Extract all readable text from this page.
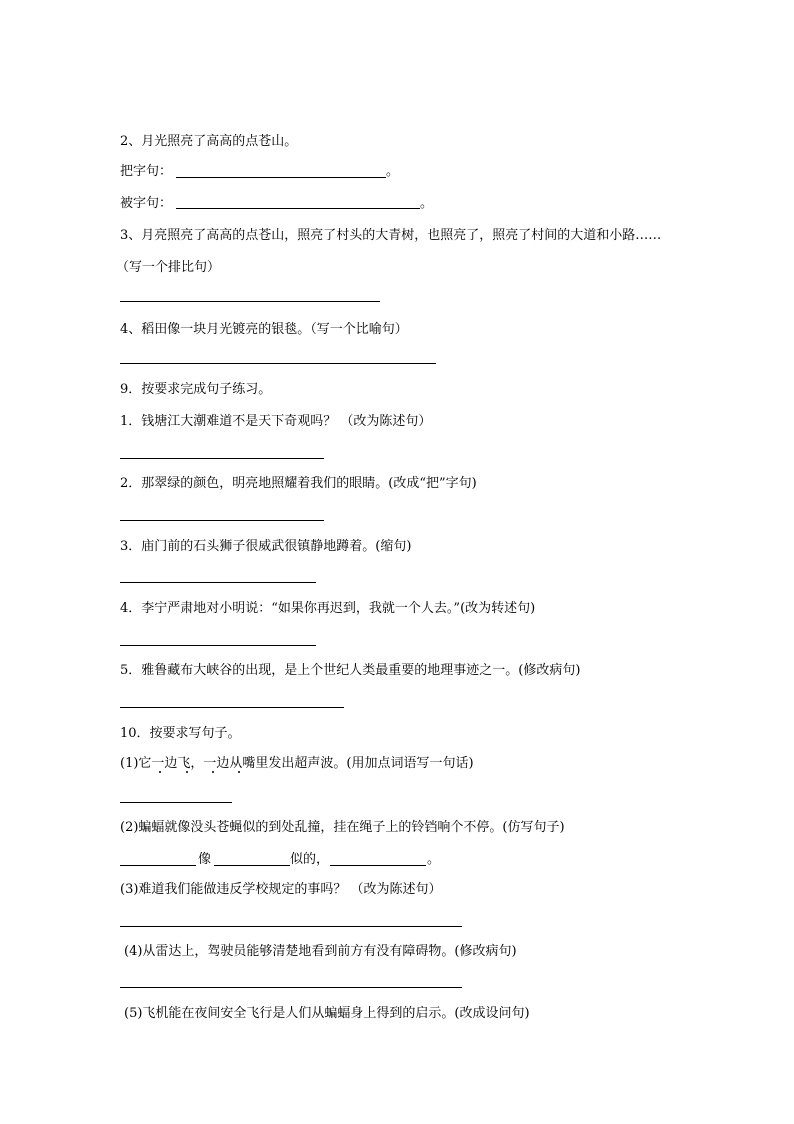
2、月光照亮了高高的点苍山。
把字句：	。
被字句：	。
3、月亮照亮了高高的点苍山，照亮了村头的大青树，也照亮了，照亮了村间的大道和小路……
（写一个排比句）
4、稻田像一块月光镀亮的银毯。（写一个比喻句）
9．按要求完成句子练习。
1．钱塘江大潮难道不是天下奇观吗？ （改为陈述句）
2．那翠绿的颜色，明亮地照耀着我们的眼睛。(改成“把”字句)
3．庙门前的石头狮子很威武很镇静地蹲着。(缩句)
4．李宁严肃地对小明说：“如果你再迟到，我就一个人去。”(改为转述句)
5．雅鲁藏布大峡谷的出现，是上个世纪人类最重要的地理事迹之一。(修改病句)
10．按要求写句子。
(1)它一边飞，一边从嘴里发出超声波。(用加点词语写一句话)
(2)蝙蝠就像没头苍蝇似的到处乱撞，挂在绳子上的铃铛响个不停。(仿写句子)
像	似的，	。
(3)难道我们能做违反学校规定的事吗？ （改为陈述句）
(4)从雷达上，驾驶员能够清楚地看到前方有没有障碍物。(修改病句)
(5)飞机能在夜间安全飞行是人们从蝙蝠身上得到的启示。(改成设问句)
